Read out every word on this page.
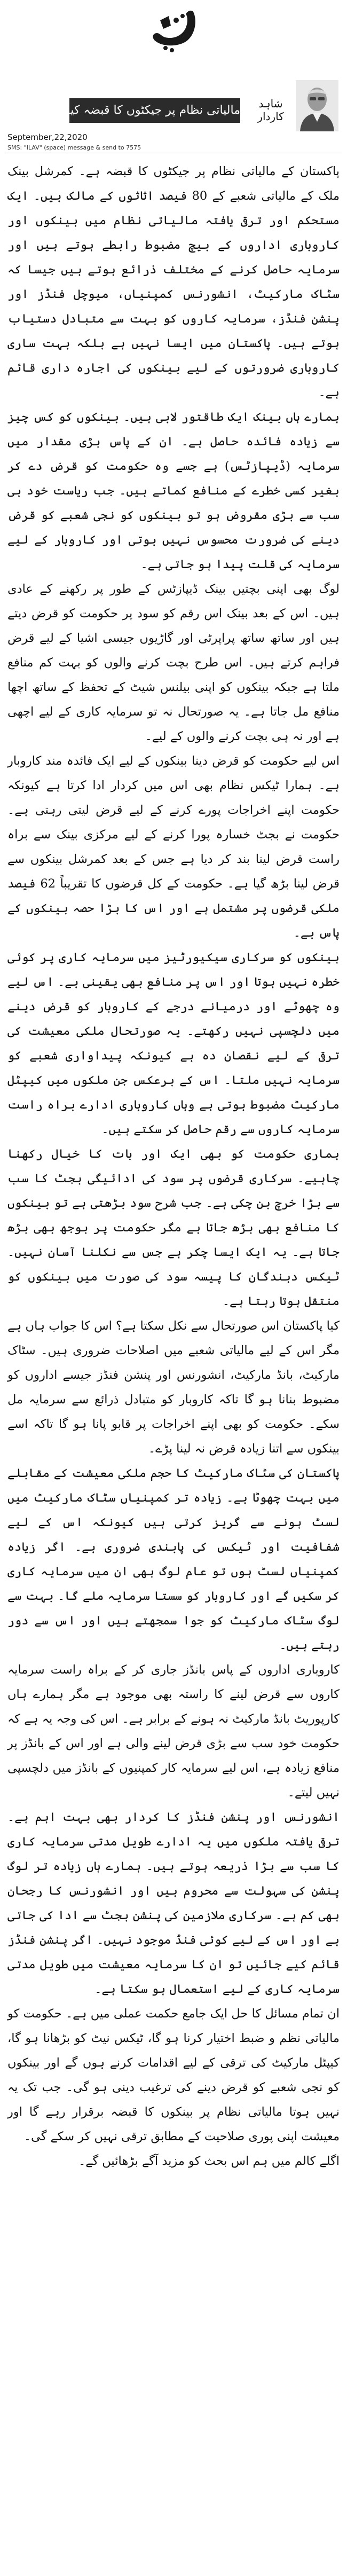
مالیاتی نظام پر جیکٹوں کا قبضہ کیوں؟	شاہد کاردار
September,22,2020
SMS: "ILAV" (space) message & send to 7575

پاکستان کے مالیاتی نظام پر جیکٹوں کا قبضہ ہے۔ کمرشل بینک ملک کے مالیاتی شعبے کے 80 فیصد اثاثوں کے مالک ہیں۔ ایک مستحکم اور ترقی یافتہ مالیاتی نظام میں بینکوں اور کاروباری اداروں کے بیچ مضبوط رابطے ہوتے ہیں اور سرمایہ حاصل کرنے کے مختلف ذرائع ہوتے ہیں جیسا کہ سٹاک مارکیٹ، انشورنس کمپنیاں، میوچل فنڈز اور پنشن فنڈز، سرمایہ کاروں کو بہت سے متبادل دستیاب ہوتے ہیں۔ پاکستان میں ایسا نہیں ہے بلکہ بہت ساری کاروباری ضرورتوں کے لیے بینکوں کی اجارہ داری قائم ہے۔

ہمارے ہاں بینک ایک طاقتور لابی ہیں۔ بینکوں کو کس چیز سے زیادہ فائدہ حاصل ہے۔ ان کے پاس بڑی مقدار میں سرمایہ (ڈیپازٹس) ہے جسے وہ حکومت کو قرض دے کر بغیر کسی خطرے کے منافع کماتے ہیں۔ جب ریاست خود ہی سب سے بڑی مقروض ہو تو بینکوں کو نجی شعبے کو قرض دینے کی ضرورت محسوس نہیں ہوتی اور کاروبار کے لیے سرمایہ کی قلت پیدا ہو جاتی ہے۔

لوگ بھی اپنی بچتیں بینک ڈیپازٹس کے طور پر رکھنے کے عادی ہیں۔ اس کے بعد بینک اس رقم کو سود پر حکومت کو قرض دیتے ہیں اور ساتھ ساتھ پراپرٹی اور گاڑیوں جیسی اشیا کے لیے قرض فراہم کرتے ہیں۔ اس طرح بچت کرنے والوں کو بہت کم منافع ملتا ہے جبکہ بینکوں کو اپنی بیلنس شیٹ کے تحفظ کے ساتھ اچھا منافع مل جاتا ہے۔ یہ صورتحال نہ تو سرمایہ کاری کے لیے اچھی ہے اور نہ ہی بچت کرنے والوں کے لیے۔

اس لیے حکومت کو قرض دینا بینکوں کے لیے ایک فائدہ مند کاروبار ہے۔ ہمارا ٹیکس نظام بھی اس میں کردار ادا کرتا ہے کیونکہ حکومت اپنے اخراجات پورے کرنے کے لیے قرض لیتی رہتی ہے۔ حکومت نے بجٹ خسارہ پورا کرنے کے لیے مرکزی بینک سے براہ راست قرض لینا بند کر دیا ہے جس کے بعد کمرشل بینکوں سے قرض لینا بڑھ گیا ہے۔ حکومت کے کل قرضوں کا تقریباً 62 فیصد ملکی قرضوں پر مشتمل ہے اور اس کا بڑا حصہ بینکوں کے پاس ہے۔

بینکوں کو سرکاری سیکیورٹیز میں سرمایہ کاری پر کوئی خطرہ نہیں ہوتا اور اس پر منافع بھی یقینی ہے۔ اس لیے وہ چھوٹے اور درمیانے درجے کے کاروبار کو قرض دینے میں دلچسپی نہیں رکھتے۔ یہ صورتحال ملکی معیشت کی ترقی کے لیے نقصان دہ ہے کیونکہ پیداواری شعبے کو سرمایہ نہیں ملتا۔ اس کے برعکس جن ملکوں میں کیپٹل مارکیٹ مضبوط ہوتی ہے وہاں کاروباری ادارے براہ راست سرمایہ کاروں سے رقم حاصل کر سکتے ہیں۔

ہماری حکومت کو بھی ایک اور بات کا خیال رکھنا چاہیے۔ سرکاری قرضوں پر سود کی ادائیگی بجٹ کا سب سے بڑا خرچ بن چکی ہے۔ جب شرح سود بڑھتی ہے تو بینکوں کا منافع بھی بڑھ جاتا ہے مگر حکومت پر بوجھ بھی بڑھ جاتا ہے۔ یہ ایک ایسا چکر ہے جس سے نکلنا آسان نہیں۔ ٹیکس دہندگان کا پیسہ سود کی صورت میں بینکوں کو منتقل ہوتا رہتا ہے۔

کیا پاکستان اس صورتحال سے نکل سکتا ہے؟ اس کا جواب ہاں ہے مگر اس کے لیے مالیاتی شعبے میں اصلاحات ضروری ہیں۔ سٹاک مارکیٹ، بانڈ مارکیٹ، انشورنس اور پنشن فنڈز جیسے اداروں کو مضبوط بنانا ہو گا تاکہ کاروبار کو متبادل ذرائع سے سرمایہ مل سکے۔ حکومت کو بھی اپنے اخراجات پر قابو پانا ہو گا تاکہ اسے بینکوں سے اتنا زیادہ قرض نہ لینا پڑے۔

پاکستان کی سٹاک مارکیٹ کا حجم ملکی معیشت کے مقابلے میں بہت چھوٹا ہے۔ زیادہ تر کمپنیاں سٹاک مارکیٹ میں لسٹ ہونے سے گریز کرتی ہیں کیونکہ اس کے لیے شفافیت اور ٹیکس کی پابندی ضروری ہے۔ اگر زیادہ کمپنیاں لسٹ ہوں تو عام لوگ بھی ان میں سرمایہ کاری کر سکیں گے اور کاروبار کو سستا سرمایہ ملے گا۔ بہت سے لوگ سٹاک مارکیٹ کو جوا سمجھتے ہیں اور اس سے دور رہتے ہیں۔

کاروباری اداروں کے پاس بانڈز جاری کر کے براہ راست سرمایہ کاروں سے قرض لینے کا راستہ بھی موجود ہے مگر ہمارے ہاں کارپوریٹ بانڈ مارکیٹ نہ ہونے کے برابر ہے۔ اس کی وجہ یہ ہے کہ حکومت خود سب سے بڑی قرض لینے والی ہے اور اس کے بانڈز پر منافع زیادہ ہے، اس لیے سرمایہ کار کمپنیوں کے بانڈز میں دلچسپی نہیں لیتے۔

انشورنس اور پنشن فنڈز کا کردار بھی بہت اہم ہے۔ ترقی یافتہ ملکوں میں یہ ادارے طویل مدتی سرمایہ کاری کا سب سے بڑا ذریعہ ہوتے ہیں۔ ہمارے ہاں زیادہ تر لوگ پنشن کی سہولت سے محروم ہیں اور انشورنس کا رجحان بھی کم ہے۔ سرکاری ملازمین کی پنشن بجٹ سے ادا کی جاتی ہے اور اس کے لیے کوئی فنڈ موجود نہیں۔ اگر پنشن فنڈز قائم کیے جائیں تو ان کا سرمایہ معیشت میں طویل مدتی سرمایہ کاری کے لیے استعمال ہو سکتا ہے۔

ان تمام مسائل کا حل ایک جامع حکمت عملی میں ہے۔ حکومت کو مالیاتی نظم و ضبط اختیار کرنا ہو گا، ٹیکس نیٹ کو بڑھانا ہو گا، کیپٹل مارکیٹ کی ترقی کے لیے اقدامات کرنے ہوں گے اور بینکوں کو نجی شعبے کو قرض دینے کی ترغیب دینی ہو گی۔ جب تک یہ نہیں ہوتا مالیاتی نظام پر بینکوں کا قبضہ برقرار رہے گا اور معیشت اپنی پوری صلاحیت کے مطابق ترقی نہیں کر سکے گی۔

اگلے کالم میں ہم اس بحث کو مزید آگے بڑھائیں گے۔
